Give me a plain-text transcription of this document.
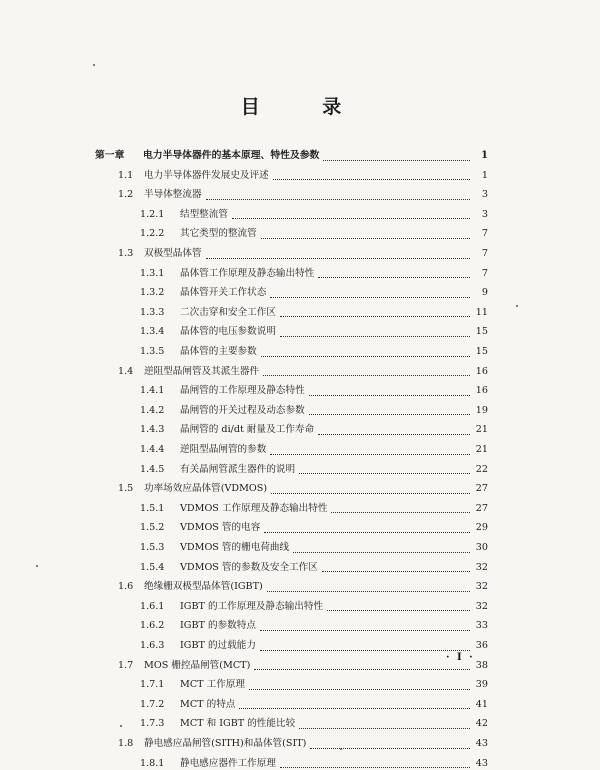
目 录
第一章	电力半导体器件的基本原理、特性及参数	1
1.1	电力半导体器件发展史及评述	1
1.2	半导体整流器	3
1.2.1	结型整流管	3
1.2.2	其它类型的整流管	7
1.3	双极型晶体管	7
1.3.1	晶体管工作原理及静态输出特性	7
1.3.2	晶体管开关工作状态	9
1.3.3	二次击穿和安全工作区	11
1.3.4	晶体管的电压参数说明	15
1.3.5	晶体管的主要参数	15
1.4	逆阻型晶闸管及其派生器件	16
1.4.1	晶闸管的工作原理及静态特性	16
1.4.2	晶闸管的开关过程及动态参数	19
1.4.3	晶闸管的 di/dt 耐量及工作寿命	21
1.4.4	逆阻型晶闸管的参数	21
1.4.5	有关晶闸管派生器件的说明	22
1.5	功率场效应晶体管(VDMOS)	27
1.5.1	VDMOS 工作原理及静态输出特性	27
1.5.2	VDMOS 管的电容	29
1.5.3	VDMOS 管的栅电荷曲线	30
1.5.4	VDMOS 管的参数及安全工作区	32
1.6	绝缘栅双极型晶体管(IGBT)	32
1.6.1	IGBT 的工作原理及静态输出特性	32
1.6.2	IGBT 的参数特点	33
1.6.3	IGBT 的过载能力	36
1.7	MOS 栅控晶闸管(MCT)	38
1.7.1	MCT 工作原理	39
1.7.2	MCT 的特点	41
1.7.3	MCT 和 IGBT 的性能比较	42
1.8	静电感应晶闸管(SITH)和晶体管(SIT)	43
1.8.1	静电感应器件工作原理	43
· I ·
